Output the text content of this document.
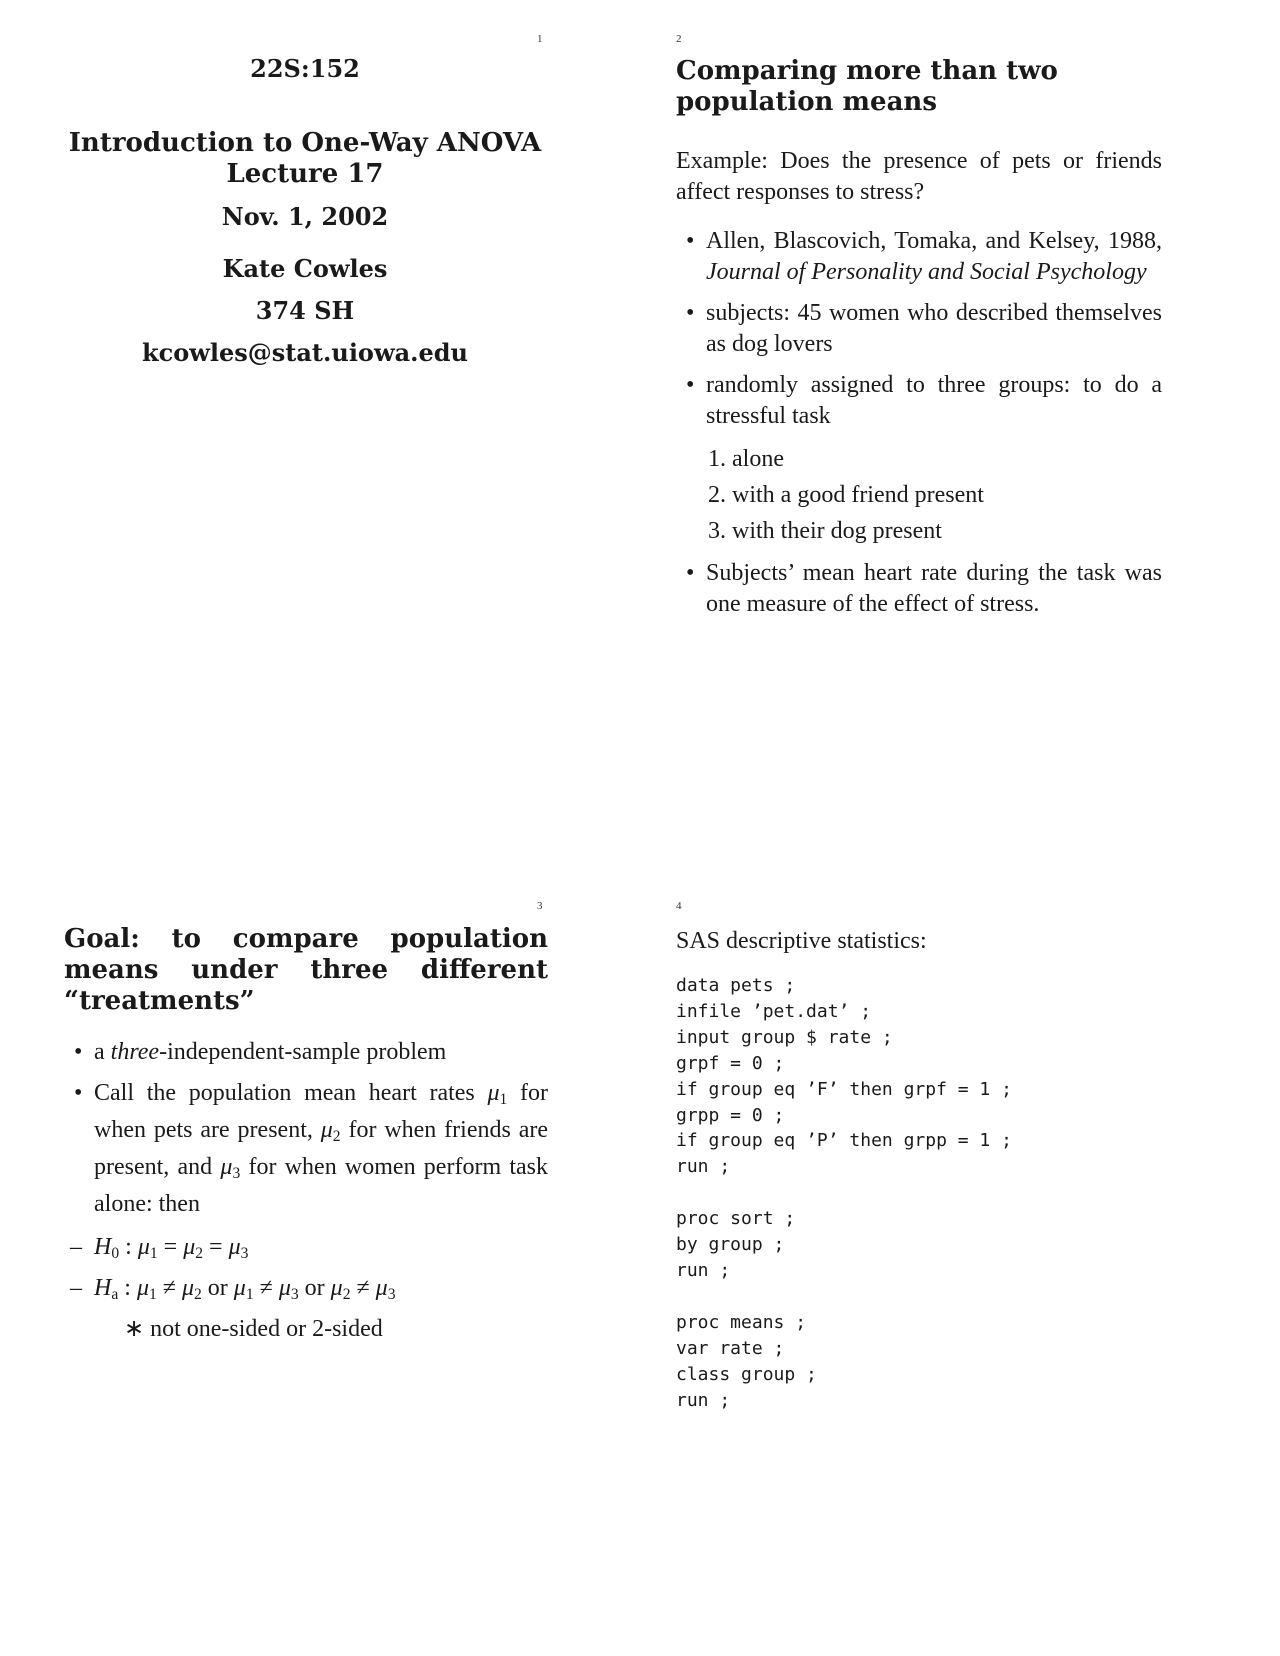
1
22S:152
Introduction to One-Way ANOVA
Lecture 17
Nov. 1, 2002
Kate Cowles
374 SH
kcowles@stat.uiowa.edu
2
Comparing more than two population means
Example: Does the presence of pets or friends affect responses to stress?
• Allen, Blascovich, Tomaka, and Kelsey, 1988, Journal of Personality and Social Psychology
• subjects: 45 women who described themselves as dog lovers
• randomly assigned to three groups: to do a stressful task
1. alone
2. with a good friend present
3. with their dog present
• Subjects’ mean heart rate during the task was one measure of the effect of stress.
3
Goal: to compare population means under three different “treatments”
• a three-independent-sample problem
• Call the population mean heart rates $\mu_1$ for when pets are present, $\mu_2$ for when friends are present, and $\mu_3$ for when women perform task alone: then
– $H_0$ : $\mu_1 = \mu_2 = \mu_3$
– $H_a$ : $\mu_1 \ne \mu_2$ or $\mu_1 \ne \mu_3$ or $\mu_2 \ne \mu_3$
∗ not one-sided or 2-sided
4
SAS descriptive statistics:
data pets ;
infile ’pet.dat’ ;
input group $ rate ;
grpf = 0 ;
if group eq ’F’ then grpf = 1 ;
grpp = 0 ;
if group eq ’P’ then grpp = 1 ;
run ;

proc sort ;
by group ;
run ;

proc means ;
var rate ;
class group ;
run ;
